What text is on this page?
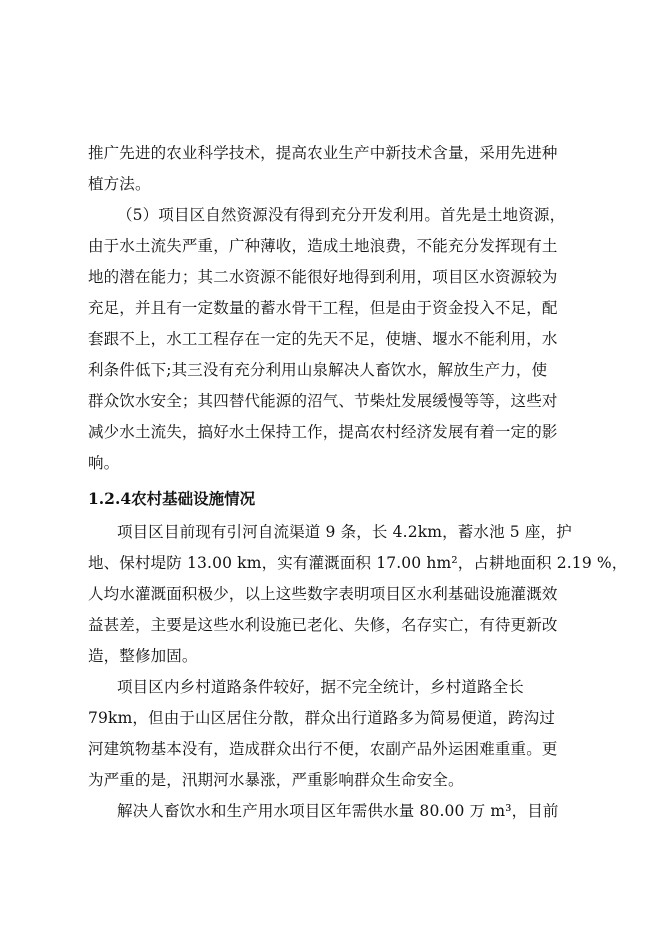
推广先进的农业科学技术，提高农业生产中新技术含量，采用先进种
植方法。
（5）项目区自然资源没有得到充分开发利用。首先是土地资源，
由于水土流失严重，广种薄收，造成土地浪费，不能充分发挥现有土
地的潜在能力；其二水资源不能很好地得到利用，项目区水资源较为
充足，并且有一定数量的蓄水骨干工程，但是由于资金投入不足，配
套跟不上，水工工程存在一定的先天不足，使塘、堰水不能利用，水
利条件低下;其三没有充分利用山泉解决人畜饮水，解放生产力，使
群众饮水安全；其四替代能源的沼气、节柴灶发展缓慢等等，这些对
减少水土流失，搞好水土保持工作，提高农村经济发展有着一定的影
响。
1.2.4农村基础设施情况
项目区目前现有引河自流渠道 9 条，长 4.2km，蓄水池 5 座，护
地、保村堤防 13.00 km，实有灌溉面积 17.00 hm²，占耕地面积 2.19 %，
人均水灌溉面积极少，以上这些数字表明项目区水利基础设施灌溉效
益甚差，主要是这些水利设施已老化、失修，名存实亡，有待更新改
造，整修加固。
项目区内乡村道路条件较好，据不完全统计，乡村道路全长
79km，但由于山区居住分散，群众出行道路多为简易便道，跨沟过
河建筑物基本没有，造成群众出行不便，农副产品外运困难重重。更
为严重的是，汛期河水暴涨，严重影响群众生命安全。
解决人畜饮水和生产用水项目区年需供水量 80.00 万 m³，目前
